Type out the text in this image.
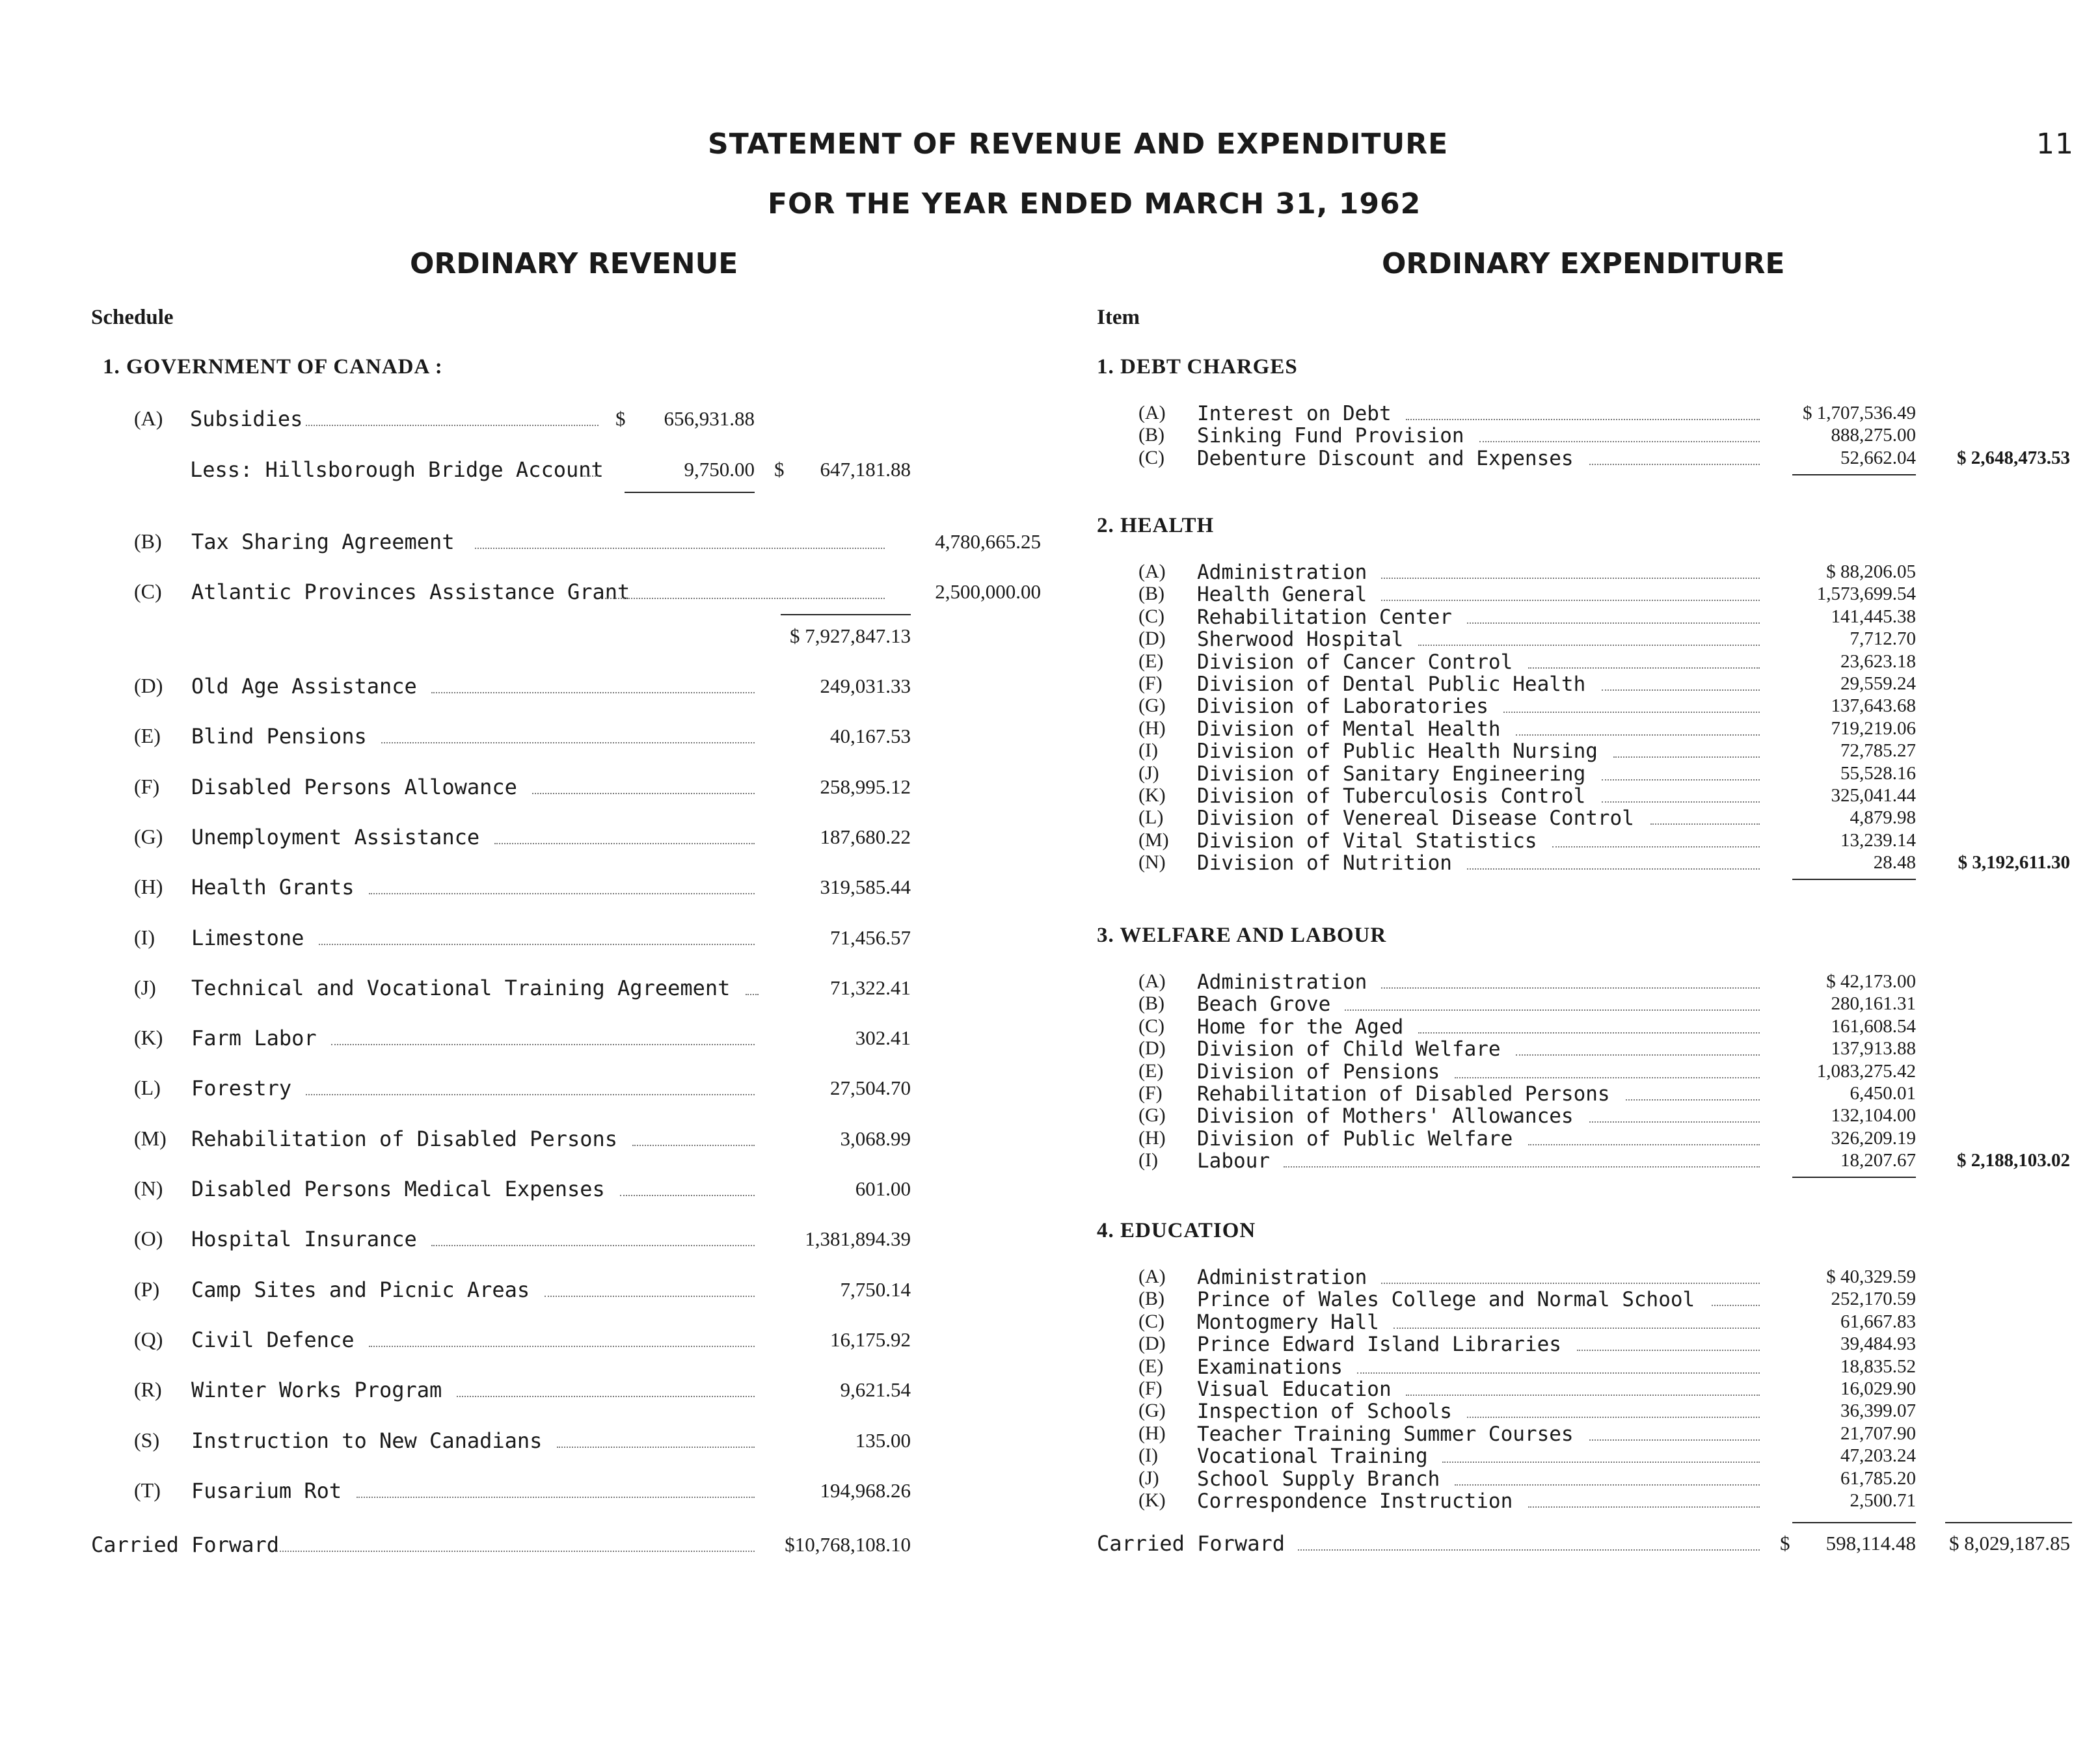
STATEMENT OF REVENUE AND EXPENDITURE	11
FOR THE YEAR ENDED MARCH 31, 1962
ORDINARY REVENUE
Schedule
1. GOVERNMENT OF CANADA :
(A)	Subsidies	$	656,931.88
Less: Hillsborough Bridge Account	9,750.00 $	647,181.88
(B)	Tax Sharing Agreement	4,780,665.25
(C)	Atlantic Provinces Assistance Grant	2,500,000.00
$ 7,927,847.13
(D)	Old Age Assistance	249,031.33
(E)	Blind Pensions	40,167.53
(F)	Disabled Persons Allowance	258,995.12
(G)	Unemployment Assistance	187,680.22
(H)	Health Grants	319,585.44
(I)	Limestone	71,456.57
(J)	Technical and Vocational Training Agreement	71,322.41
(K)	Farm Labor	302.41
(L)	Forestry	27,504.70
(M)	Rehabilitation of Disabled Persons	3,068.99
(N)	Disabled Persons Medical Expenses	601.00
(O)	Hospital Insurance	1,381,894.39
(P)	Camp Sites and Picnic Areas	7,750.14
(Q)	Civil Defence	16,175.92
(R)	Winter Works Program	9,621.54
(S)	Instruction to New Canadians	135.00
(T)	Fusarium Rot	194,968.26
Carried Forward	$10,768,108.10
ORDINARY EXPENDITURE
Item
1. DEBT CHARGES
(A)	Interest on Debt	$ 1,707,536.49
(B)	Sinking Fund Provision	888,275.00
(C)	Debenture Discount and Expenses	52,662.04	$ 2,648,473.53
2. HEALTH
(A)	Administration	$ 88,206.05
(B)	Health General	1,573,699.54
(C)	Rehabilitation Center	141,445.38
(D)	Sherwood Hospital	7,712.70
(E)	Division of Cancer Control	23,623.18
(F)	Division of Dental Public Health	29,559.24
(G)	Division of Laboratories	137,643.68
(H)	Division of Mental Health	719,219.06
(I)	Division of Public Health Nursing	72,785.27
(J)	Division of Sanitary Engineering	55,528.16
(K)	Division of Tuberculosis Control	325,041.44
(L)	Division of Venereal Disease Control	4,879.98
(M)	Division of Vital Statistics	13,239.14
(N)	Division of Nutrition	28.48	$ 3,192,611.30
3. WELFARE AND LABOUR
(A)	Administration	$ 42,173.00
(B)	Beach Grove	280,161.31
(C)	Home for the Aged	161,608.54
(D)	Division of Child Welfare	137,913.88
(E)	Division of Pensions	1,083,275.42
(F)	Rehabilitation of Disabled Persons	6,450.01
(G)	Division of Mothers' Allowances	132,104.00
(H)	Division of Public Welfare	326,209.19
(I)	Labour	18,207.67	$ 2,188,103.02
4. EDUCATION
(A)	Administration	$ 40,329.59
(B)	Prince of Wales College and Normal School	252,170.59
(C)	Montogmery Hall	61,667.83
(D)	Prince Edward Island Libraries	39,484.93
(E)	Examinations	18,835.52
(F)	Visual Education	16,029.90
(G)	Inspection of Schools	36,399.07
(H)	Teacher Training Summer Courses	21,707.90
(I)	Vocational Training	47,203.24
(J)	School Supply Branch	61,785.20
(K)	Correspondence Instruction	2,500.71
Carried Forward	$	598,114.48	$ 8,029,187.85
